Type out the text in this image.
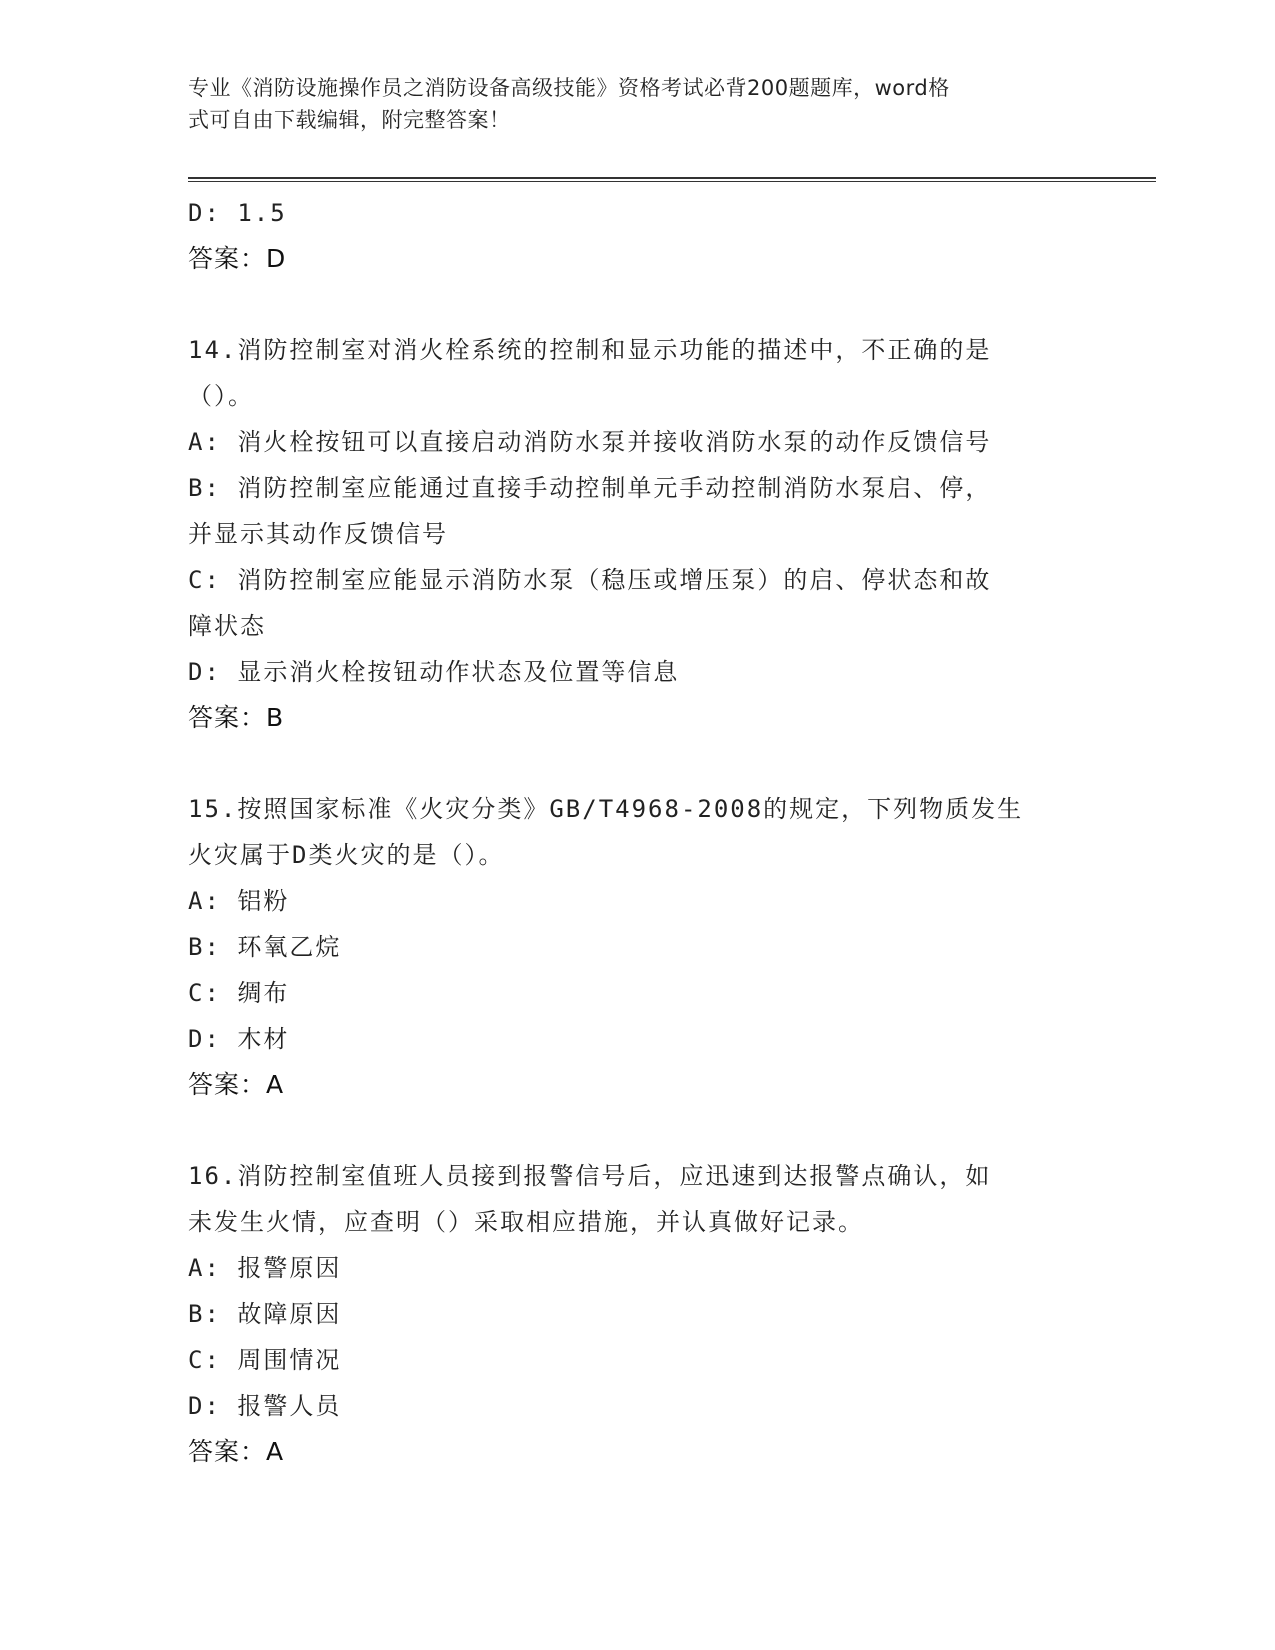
专业《消防设施操作员之消防设备高级技能》资格考试必背200题题库，word格
式可自由下载编辑，附完整答案！
D: 1.5
答案：D
14.消防控制室对消火栓系统的控制和显示功能的描述中，不正确的是
（）。
A: 消火栓按钮可以直接启动消防水泵并接收消防水泵的动作反馈信号
B: 消防控制室应能通过直接手动控制单元手动控制消防水泵启、停，
并显示其动作反馈信号
C: 消防控制室应能显示消防水泵（稳压或增压泵）的启、停状态和故
障状态
D: 显示消火栓按钮动作状态及位置等信息
答案：B
15.按照国家标准《火灾分类》GB/T4968-2008的规定，下列物质发生
火灾属于D类火灾的是（）。
A: 铝粉
B: 环氧乙烷
C: 绸布
D: 木材
答案：A
16.消防控制室值班人员接到报警信号后，应迅速到达报警点确认，如
未发生火情，应查明（）采取相应措施，并认真做好记录。
A: 报警原因
B: 故障原因
C: 周围情况
D: 报警人员
答案：A
